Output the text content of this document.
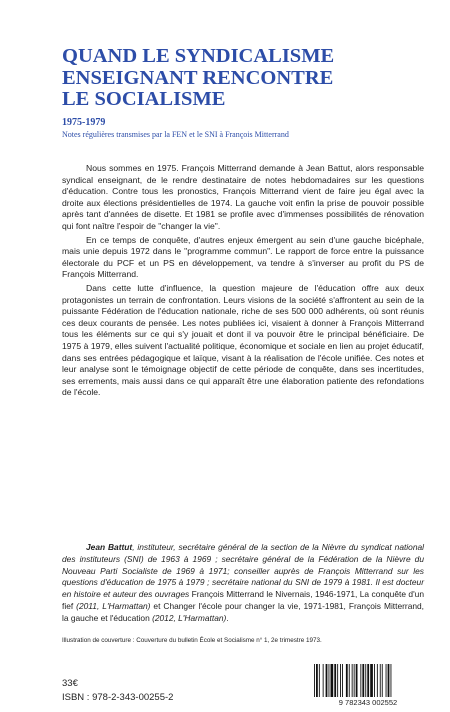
QUAND LE SYNDICALISME
ENSEIGNANT RENCONTRE
LE SOCIALISME
1975-1979
Notes régulières transmises par la FEN et le SNI à François Mitterrand

Nous sommes en 1975. François Mitterrand demande à Jean Battut, alors responsable syndical enseignant, de le rendre destinataire de notes hebdomadaires sur les questions d'éducation. Contre tous les pronostics, François Mitterrand vient de faire jeu égal avec la droite aux élections présidentielles de 1974. La gauche voit enfin la prise de pouvoir possible après tant d'années de disette. Et 1981 se profile avec d'immenses possibilités de rénovation qui font naître l'espoir de "changer la vie".

En ce temps de conquête, d'autres enjeux émergent au sein d'une gauche bicéphale, mais unie depuis 1972 dans le "programme commun". Le rapport de force entre la puissance électorale du PCF et un PS en développement, va tendre à s'inverser au profit du PS de François Mitterrand.

Dans cette lutte d'influence, la question majeure de l'éducation offre aux deux protagonistes un terrain de confrontation. Leurs visions de la société s'affrontent au sein de la puissante Fédération de l'éducation nationale, riche de ses 500 000 adhérents, où sont réunis ces deux courants de pensée. Les notes publiées ici, visaient à donner à François Mitterrand tous les éléments sur ce qui s'y jouait et dont il va pouvoir être le principal bénéficiaire. De 1975 à 1979, elles suivent l'actualité politique, économique et sociale en lien au projet éducatif, dans ses entrées pédagogique et laïque, visant à la réalisation de l'école unifiée. Ces notes et leur analyse sont le témoignage objectif de cette période de conquête, dans ses incertitudes, ses errements, mais aussi dans ce qui apparaît être une élaboration patiente des refondations de l'école.

Jean Battut, instituteur, secrétaire général de la section de la Nièvre du syndicat national des instituteurs (SNI) de 1963 à 1969 ; secrétaire général de la Fédération de la Nièvre du Nouveau Parti Socialiste de 1969 à 1971; conseiller auprès de François Mitterrand sur les questions d'éducation de 1975 à 1979 ; secrétaire national du SNI de 1979 à 1981. Il est docteur en histoire et auteur des ouvrages François Mitterrand le Nivernais, 1946-1971, La conquête d'un fief (2011, L'Harmattan) et Changer l'école pour changer la vie, 1971-1981, François Mitterrand, la gauche et l'éducation (2012, L'Harmattan).

Illustration de couverture : Couverture du bulletin École et Socialisme n° 1, 2e trimestre 1973.

33€
ISBN : 978-2-343-00255-2	9 782343 002552
